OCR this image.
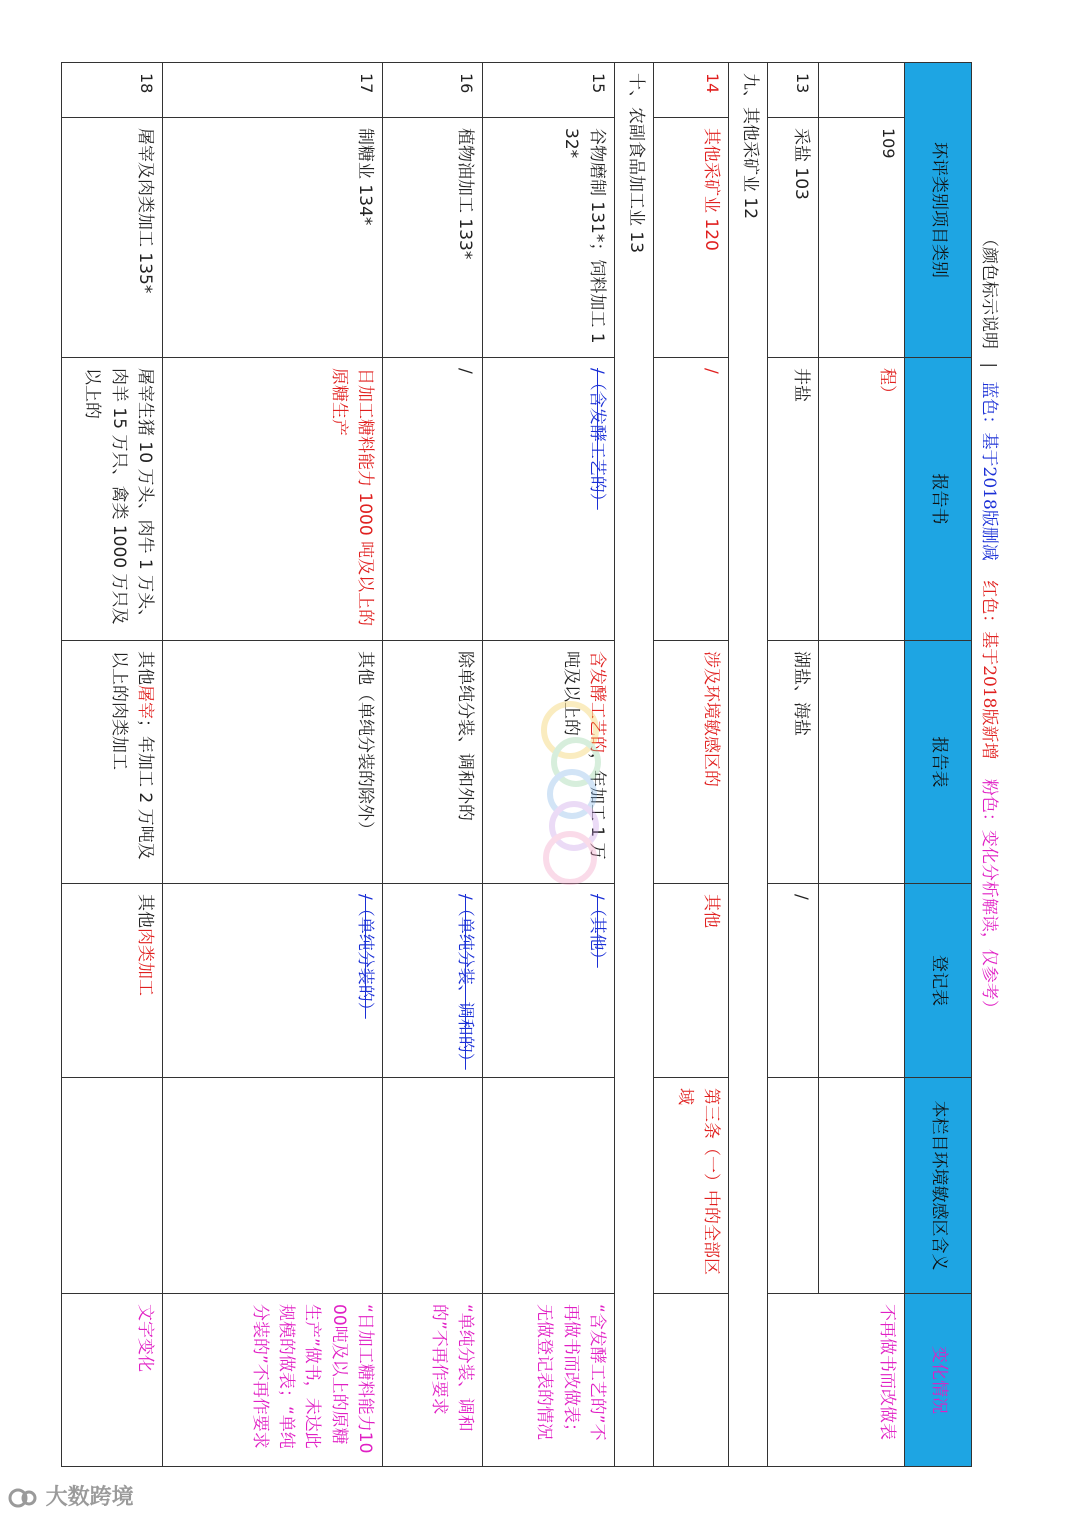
（颜色标示说明 | 蓝色：基于2018版删减 红色：基于2018版新增 粉色：变化分析解读，仅参考）
环评类别项目类别		报告书	报告表	登记表	本栏目环境敏感区含义	变化情况
	109	程）				不再做书而改做表
13	采盐 103	井盐	湖盐、海盐	/		
九、其他采矿业 12						
14	其他采矿业 120	/	涉及环境敏感区的	其他	第三条（一）中的全部区域	
十、农副食品加工业 13						
15	谷物磨制 131*；饲料加工 132*	/（含发酵工艺的）	含发酵工艺的，年加工 1 万吨及以上的	/（其他）		“含发酵工艺的”不再做书而改做表；无做登记表的情况
16	植物油加工 133*	/	除单纯分装、调和外的	/（单纯分装、调和的）		“单纯分装、调和的”不再作要求
17	制糖业 134*	日加工糖料能力 1000 吨及以上的原糖生产	其他（单纯分装的除外）	/（单纯分装的）		“日加工糖料能力1000吨及以上的原糖生产”做书，未达此规模的做表；“单纯分装的”不再作要求
18	屠宰及肉类加工 135*	屠宰生猪 10 万头、肉牛 1 万头、肉羊 15 万只、禽类 1000 万只及以上的	其他屠宰；年加工 2 万吨及以上的肉类加工	其他肉类加工		文字变化
大数跨境
